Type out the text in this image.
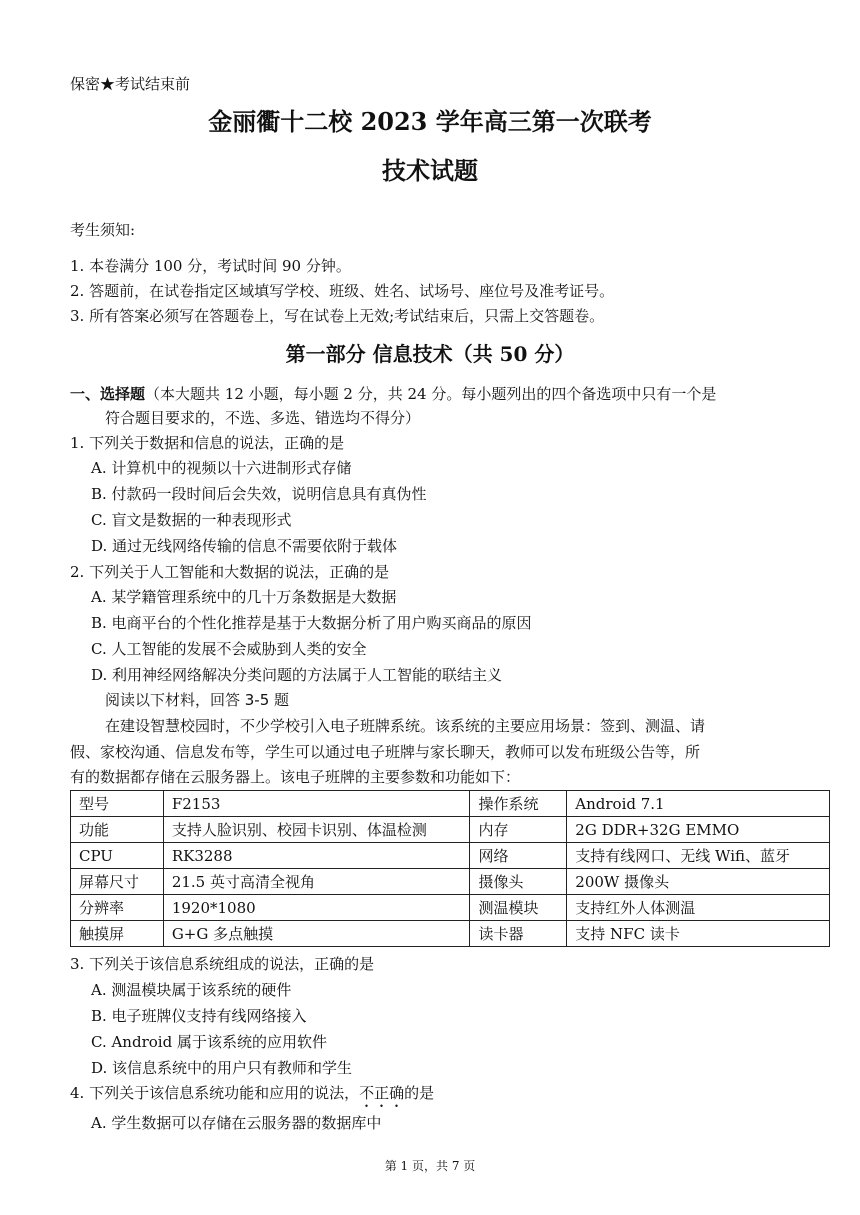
保密★考试结束前
金丽衢十二校 2023 学年高三第一次联考
技术试题
考生须知:
1. 本卷满分 100 分，考试时间 90 分钟。
2. 答题前，在试卷指定区域填写学校、班级、姓名、试场号、座位号及准考证号。
3. 所有答案必须写在答题卷上，写在试卷上无效;考试结束后，只需上交答题卷。
第一部分 信息技术（共 50 分）
一、选择题（本大题共 12 小题，每小题 2 分，共 24 分。每小题列出的四个备选项中只有一个是
符合题目要求的，不选、多选、错选均不得分）
1. 下列关于数据和信息的说法，正确的是
A. 计算机中的视频以十六进制形式存储
B. 付款码一段时间后会失效，说明信息具有真伪性
C. 盲文是数据的一种表现形式
D. 通过无线网络传输的信息不需要依附于载体
2. 下列关于人工智能和大数据的说法，正确的是
A. 某学籍管理系统中的几十万条数据是大数据
B. 电商平台的个性化推荐是基于大数据分析了用户购买商品的原因
C. 人工智能的发展不会威胁到人类的安全
D. 利用神经网络解决分类问题的方法属于人工智能的联结主义
阅读以下材料，回答 3-5 题
在建设智慧校园时，不少学校引入电子班牌系统。该系统的主要应用场景：签到、测温、请
假、家校沟通、信息发布等，学生可以通过电子班牌与家长聊天，教师可以发布班级公告等，所
有的数据都存储在云服务器上。该电子班牌的主要参数和功能如下：
型号	F2153	操作系统	Android 7.1
功能	支持人脸识别、校园卡识别、体温检测	内存	2G DDR+32G EMMO
CPU	RK3288	网络	支持有线网口、无线 Wifi、蓝牙
屏幕尺寸	21.5 英寸高清全视角	摄像头	200W 摄像头
分辨率	1920*1080	测温模块	支持红外人体测温
触摸屏	G+G 多点触摸	读卡器	支持 NFC 读卡
3. 下列关于该信息系统组成的说法，正确的是
A. 测温模块属于该系统的硬件
B. 电子班牌仪支持有线网络接入
C. Android 属于该系统的应用软件
D. 该信息系统中的用户只有教师和学生
4. 下列关于该信息系统功能和应用的说法，不正确的是
A. 学生数据可以存储在云服务器的数据库中
第 1 页，共 7 页
